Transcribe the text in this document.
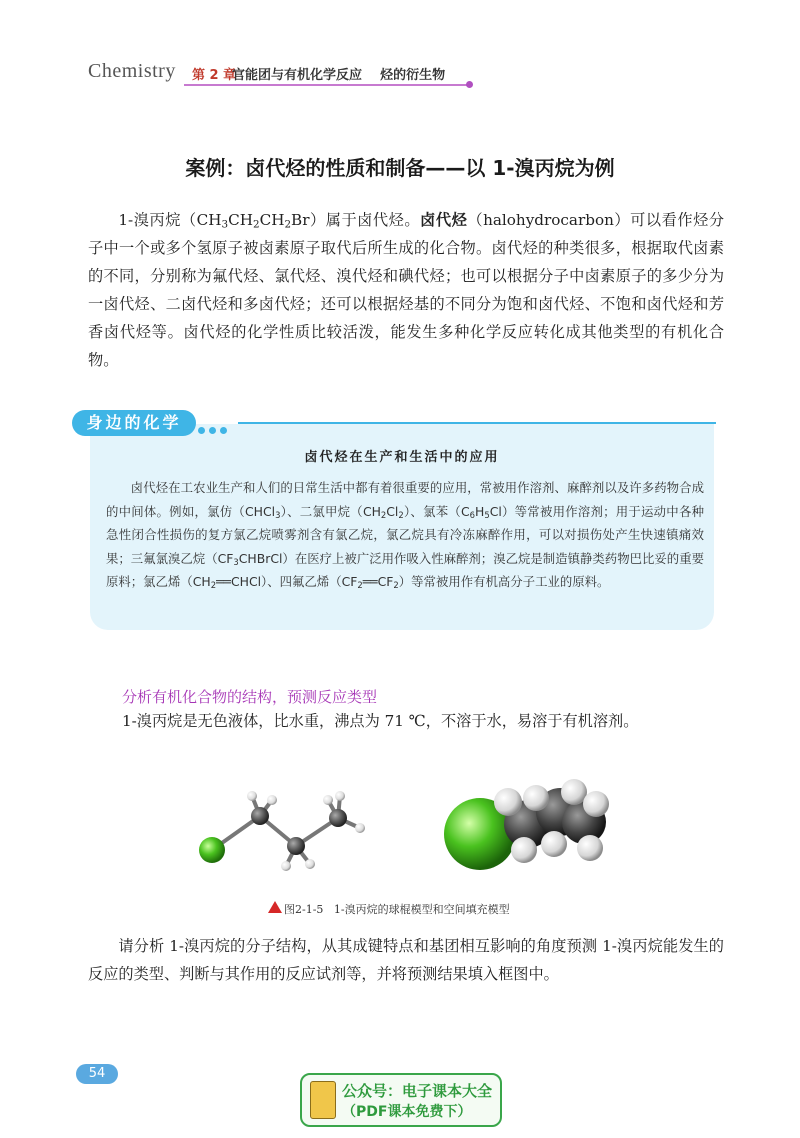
Chemistry 第 2 章
官能团与有机化学反应    烃的衍生物
案例：卤代烃的性质和制备——以 1-溴丙烷为例

1-溴丙烷$(CH_3CH_2CH_2Br)$属于卤代烃。卤代烃（halohydrocarbon）可以看作烃分子中一个或多个氢原子被卤素原子取代后所生成的化合物。卤代烃的种类很多，根据取代卤素的不同，分别称为氟代烃、氯代烃、溴代烃和碘代烃；也可以根据分子中卤素原子的多少分为一卤代烃、二卤代烃和多卤代烃；还可以根据烃基的不同分为饱和卤代烃、不饱和卤代烃和芳香卤代烃等。卤代烃的化学性质比较活泼，能发生多种化学反应转化成其他类型的有机化合物。

身边的化学
卤代烃在生产和生活中的应用

卤代烃在工农业生产和人们的日常生活中都有着很重要的应用，常被用作溶剂、麻醉剂以及许多药物合成的中间体。例如，氯仿（CHCl$_3$）、二氯甲烷$(CH_2Cl_2)$、氯苯$(C_6H_5Cl)$等常被用作溶剂；用于运动中各种急性闭合性损伤的复方氯乙烷喷雾剂含有氯乙烷，氯乙烷具有冷冻麻醉作用，可以对损伤处产生快速镇痛效果；三氟氯溴乙烷$(CF_3CHBrCl)$在医疗上被广泛用作吸入性麻醉剂；溴乙烷是制造镇静类药物巴比妥的重要原料；氯乙烯$(CH_2══CHCl)$、四氟乙烯$(CF_2══CF_2)$等常被用作有机高分子工业的原料。

分析有机化合物的结构，预测反应类型
1-溴丙烷是无色液体，比水重，沸点为 71 ℃，不溶于水，易溶于有机溶剂。
图2-1-5   1-溴丙烷的球棍模型和空间填充模型

请分析 1-溴丙烷的分子结构，从其成键特点和基团相互影响的角度预测 1-溴丙烷能发生的反应的类型、判断与其作用的反应试剂等，并将预测结果填入框图中。

54
公众号：电子课本大全
（PDF课本免费下）
